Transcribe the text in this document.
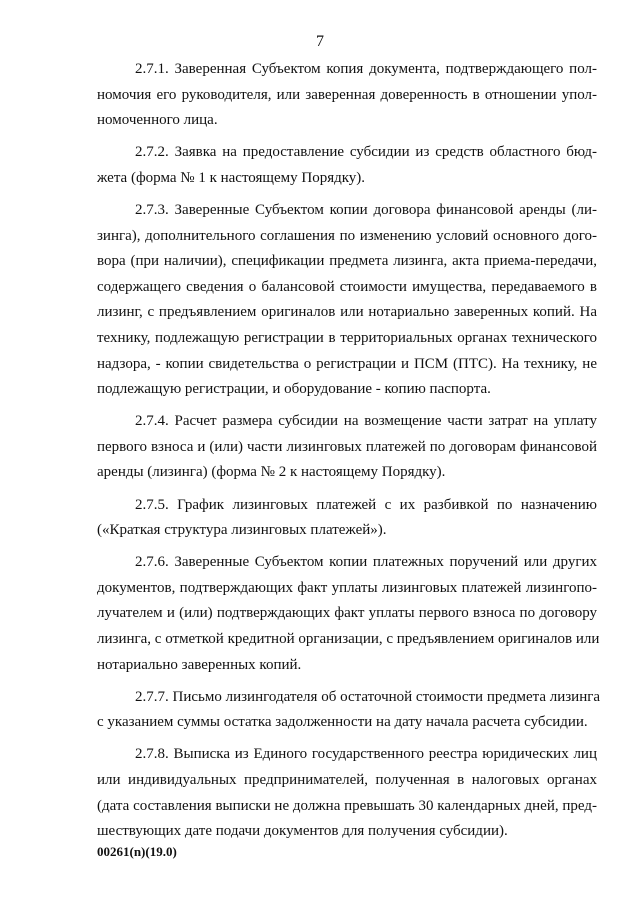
7

2.7.1. Заверенная Субъектом копия документа, подтверждающего пол-
номочия его руководителя, или заверенная доверенность в отношении упол-
номоченного лица.

2.7.2. Заявка на предоставление субсидии из средств областного бюд-
жета (форма № 1 к настоящему Порядку).

2.7.3. Заверенные Субъектом копии договора финансовой аренды (ли-
зинга), дополнительного соглашения по изменению условий основного дого-
вора (при наличии), спецификации предмета лизинга, акта приема-передачи,
содержащего сведения о балансовой стоимости имущества, передаваемого в
лизинг, с предъявлением оригиналов или нотариально заверенных копий. На
технику, подлежащую регистрации в территориальных органах технического
надзора, - копии свидетельства о регистрации и ПСМ (ПТС). На технику, не
подлежащую регистрации, и оборудование - копию паспорта.

2.7.4. Расчет размера субсидии на возмещение части затрат на уплату
первого взноса и (или) части лизинговых платежей по договорам финансовой
аренды (лизинга) (форма № 2 к настоящему Порядку).

2.7.5. График лизинговых платежей с их разбивкой по назначению
(«Краткая структура лизинговых платежей»).

2.7.6. Заверенные Субъектом копии платежных поручений или других
документов, подтверждающих факт уплаты лизинговых платежей лизингопо-
лучателем и (или) подтверждающих факт уплаты первого взноса по договору
лизинга, с отметкой кредитной организации, с предъявлением оригиналов или
нотариально заверенных копий.

2.7.7. Письмо лизингодателя об остаточной стоимости предмета лизинга
с указанием суммы остатка задолженности на дату начала расчета субсидии.

2.7.8. Выписка из Единого государственного реестра юридических лиц
или индивидуальных предпринимателей, полученная в налоговых органах
(дата составления выписки не должна превышать 30 календарных дней, пред-
шествующих дате подачи документов для получения субсидии).

00261(n)(19.0)
